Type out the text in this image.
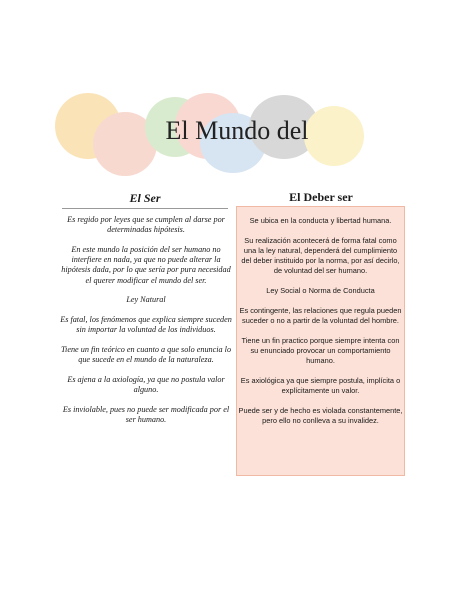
El Mundo del
El Ser	El Deber ser

Es regido por leyes que se cumplen al darse por determinadas hipótesis.

En este mundo la posición del ser humano no interfiere en nada, ya que no puede alterar la hipótesis dada, por lo que sería por pura necesidad el querer modificar el mundo del ser.

Ley Natural

Es fatal, los fenómenos que explica siempre suceden sin importar la voluntad de los individuos.

Tiene un fin teórico en cuanto a que solo enuncia lo que sucede en el mundo de la naturaleza.

Es ajena a la axiología, ya que no postula valor alguno.

Es inviolable, pues no puede ser modificada por el ser humano.

Se ubica en la conducta y libertad humana.

Su realización acontecerá de forma fatal como una la ley natural, dependerá del cumplimiento del deber instituido por la norma, por así decirlo, de voluntad del ser humano.

Ley Social o Norma de Conducta

Es contingente, las relaciones que regula pueden suceder o no a partir de la voluntad del hombre.

Tiene un fin practico porque siempre intenta con su enunciado provocar un comportamiento humano.

Es axiológica ya que siempre postula, implícita o explícitamente un valor.

Puede ser y de hecho es violada constantemente, pero ello no conlleva a su invalidez.
